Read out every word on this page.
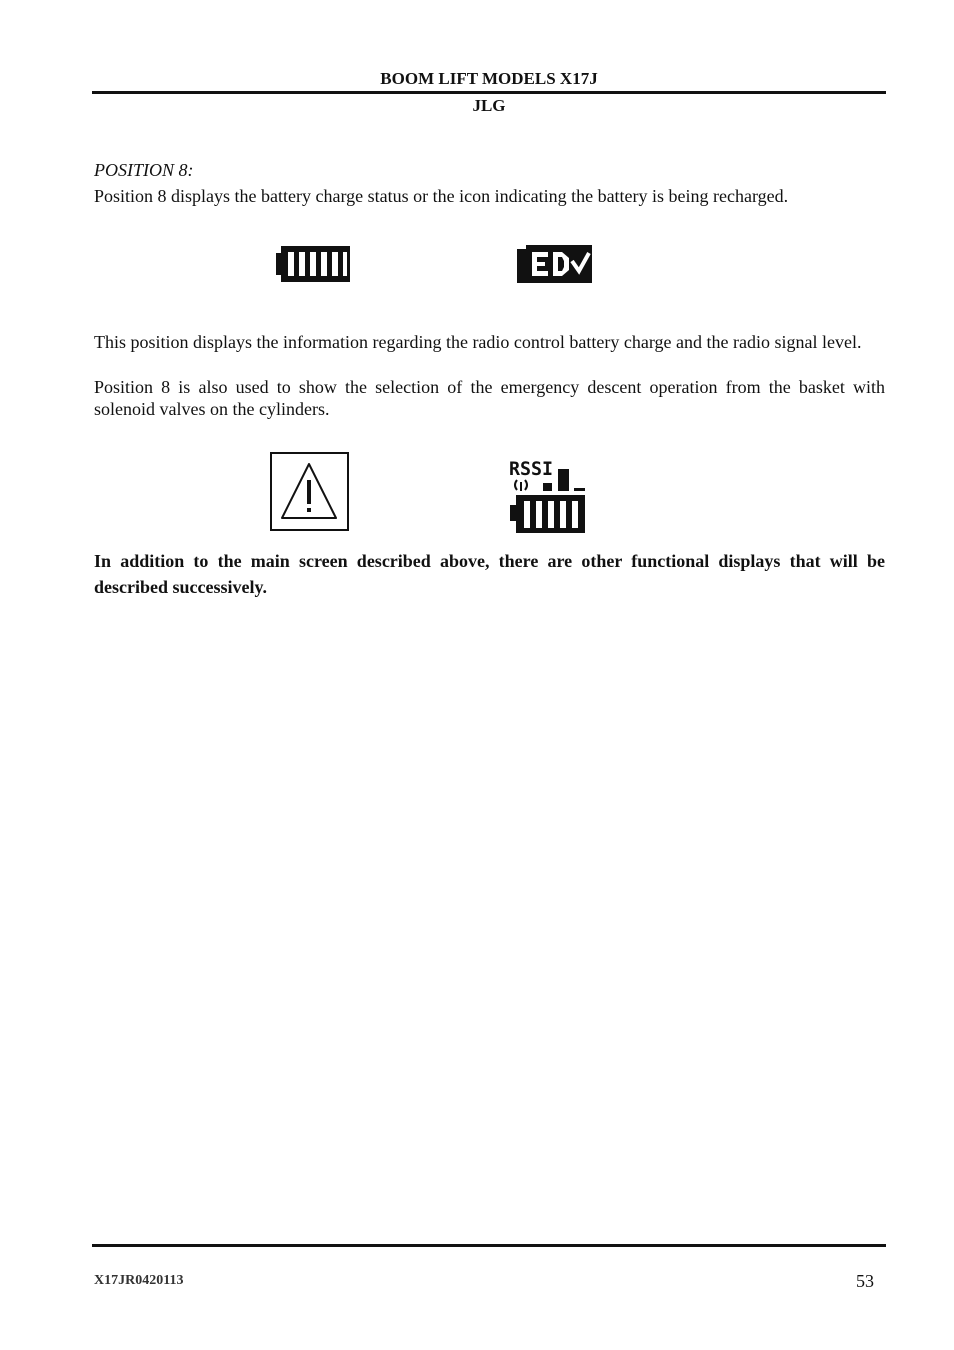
BOOM LIFT MODELS X17J
JLG
POSITION 8:
Position 8 displays the battery charge status or the icon indicating the battery is being recharged.
This position displays the information regarding the radio control battery charge and the radio signal level.
Position 8 is also used to show the selection of the emergency descent operation from the basket with solenoid valves on the cylinders.
RSSI
In addition to the main screen described above, there are other functional displays that will be described successively.
X17JR0420113	53
